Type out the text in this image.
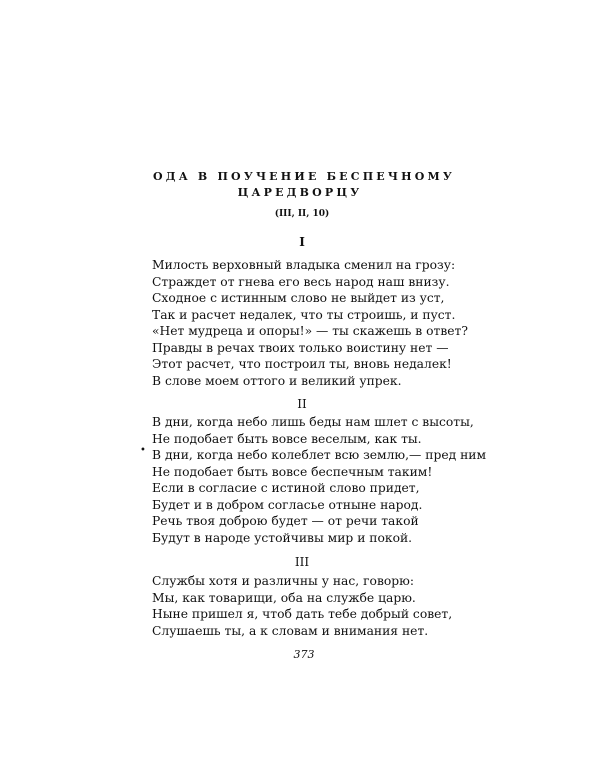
ОДА В ПОУЧЕНИЕ БЕСПЕЧНОМУ
ЦАРЕДВОРЦУ
(III, II, 10)
I
Милость верховный владыка сменил на грозу:
Страждет от гнева его весь народ наш внизу.
Сходное с истинным слово не выйдет из уст,
Так и расчет недалек, что ты строишь, и пуст.
«Нет мудреца и опоры!» — ты скажешь в ответ?
Правды в речах твоих только воистину нет —
Этот расчет, что построил ты, вновь недалек!
В слове моем оттого и великий упрек.
II
•
В дни, когда небо лишь беды нам шлет с высоты,
Не подобает быть вовсе веселым, как ты.
В дни, когда небо колеблет всю землю,— пред ним
Не подобает быть вовсе беспечным таким!
Если в согласие с истиной слово придет,
Будет и в добром согласье отныне народ.
Речь твоя доброю будет — от речи такой
Будут в народе устойчивы мир и покой.
III
Службы хотя и различны у нас, говорю:
Мы, как товарищи, оба на службе царю.
Ныне пришел я, чтоб дать тебе добрый совет,
Слушаешь ты, а к словам и внимания нет.
373
